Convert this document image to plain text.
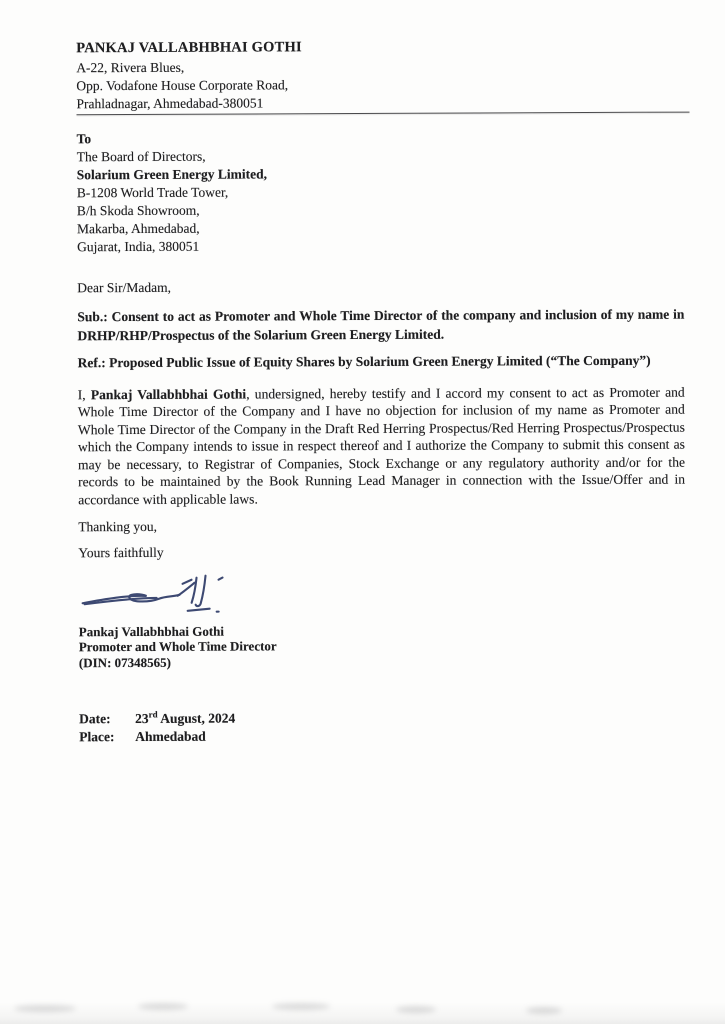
PANKAJ VALLABHBHAI GOTHI
A-22, Rivera Blues,
Opp. Vodafone House Corporate Road,
Prahladnagar, Ahmedabad-380051
To
The Board of Directors,
Solarium Green Energy Limited,
B-1208 World Trade Tower,
B/h Skoda Showroom,
Makarba, Ahmedabad,
Gujarat, India, 380051
Dear Sir/Madam,
Sub.: Consent to act as Promoter and Whole Time Director of the company and inclusion of my name in DRHP/RHP/Prospectus of the Solarium Green Energy Limited.
Ref.: Proposed Public Issue of Equity Shares by Solarium Green Energy Limited (“The Company”)
I, Pankaj Vallabhbhai Gothi, undersigned, hereby testify and I accord my consent to act as Promoter and Whole Time Director of the Company and I have no objection for inclusion of my name as Promoter and Whole Time Director of the Company in the Draft Red Herring Prospectus/Red Herring Prospectus/Prospectus which the Company intends to issue in respect thereof and I authorize the Company to submit this consent as may be necessary, to Registrar of Companies, Stock Exchange or any regulatory authority and/or for the records to be maintained by the Book Running Lead Manager in connection with the Issue/Offer and in accordance with applicable laws.
Thanking you,
Yours faithfully
Pankaj Vallabhbhai Gothi
Promoter and Whole Time Director
(DIN: 07348565)
Date: 23rd August, 2024
Place: Ahmedabad
